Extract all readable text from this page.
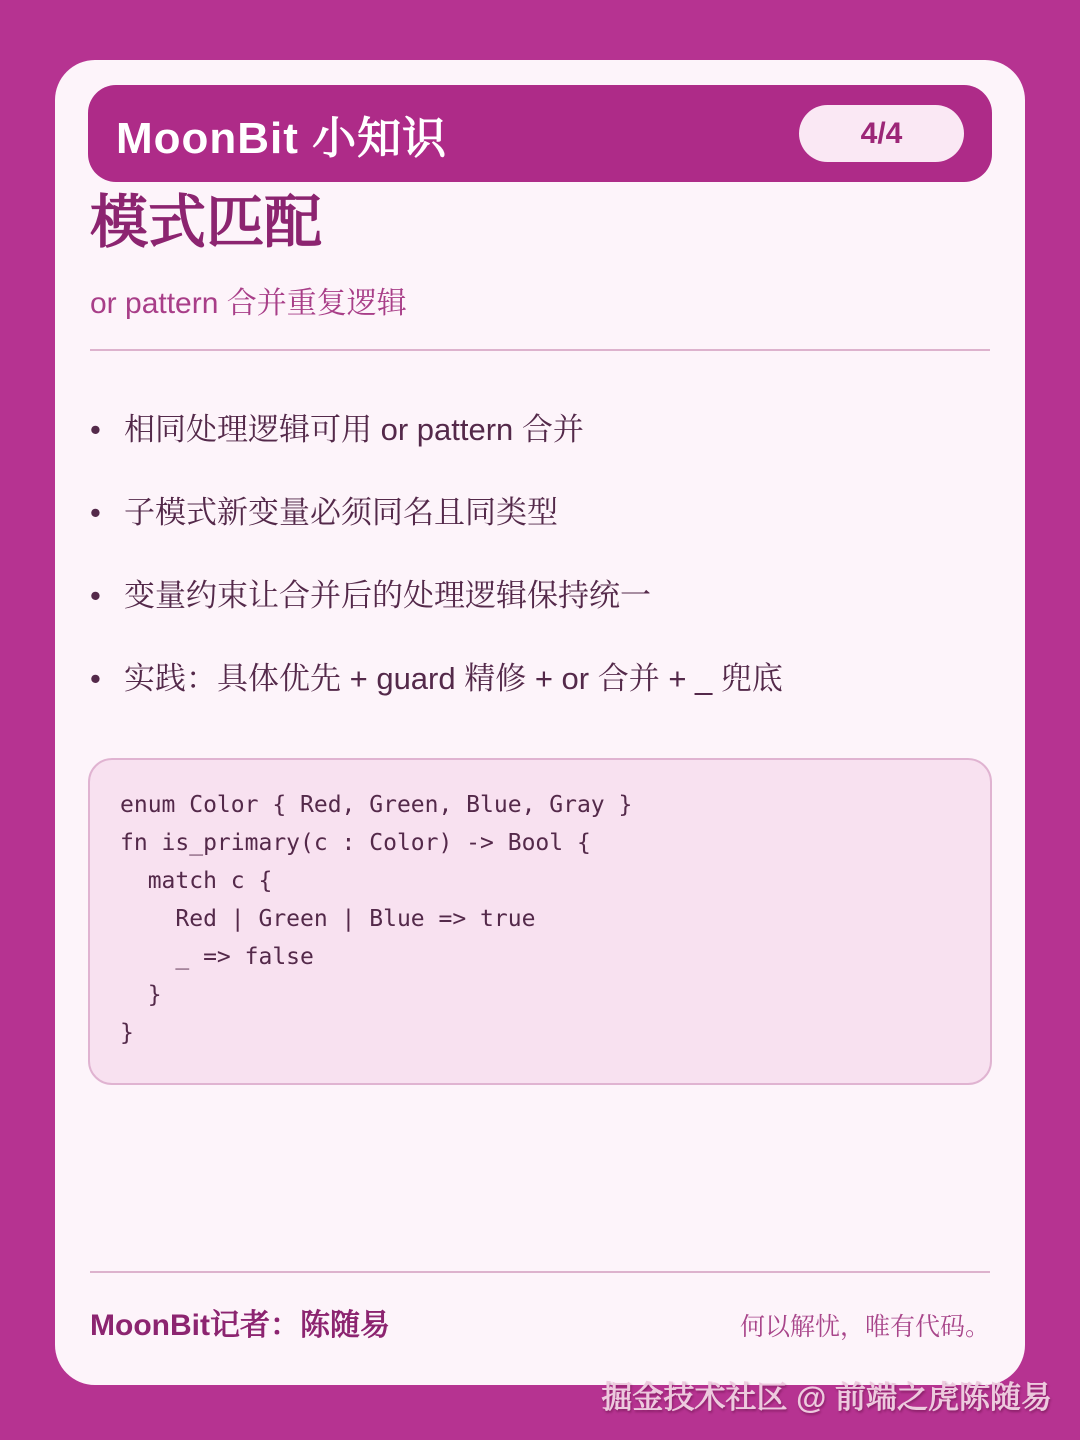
MoonBit 小知识	4/4
模式匹配
or pattern 合并重复逻辑
• 相同处理逻辑可用 or pattern 合并
• 子模式新变量必须同名且同类型
• 变量约束让合并后的处理逻辑保持统一
• 实践：具体优先 + guard 精修 + or 合并 + _ 兜底
enum Color { Red, Green, Blue, Gray }
fn is_primary(c : Color) -> Bool {
match c {
Red | Green | Blue => true
_ => false
}
}
MoonBit记者：陈随易	何以解忧，唯有代码。
掘金技术社区 @ 前端之虎陈随易
